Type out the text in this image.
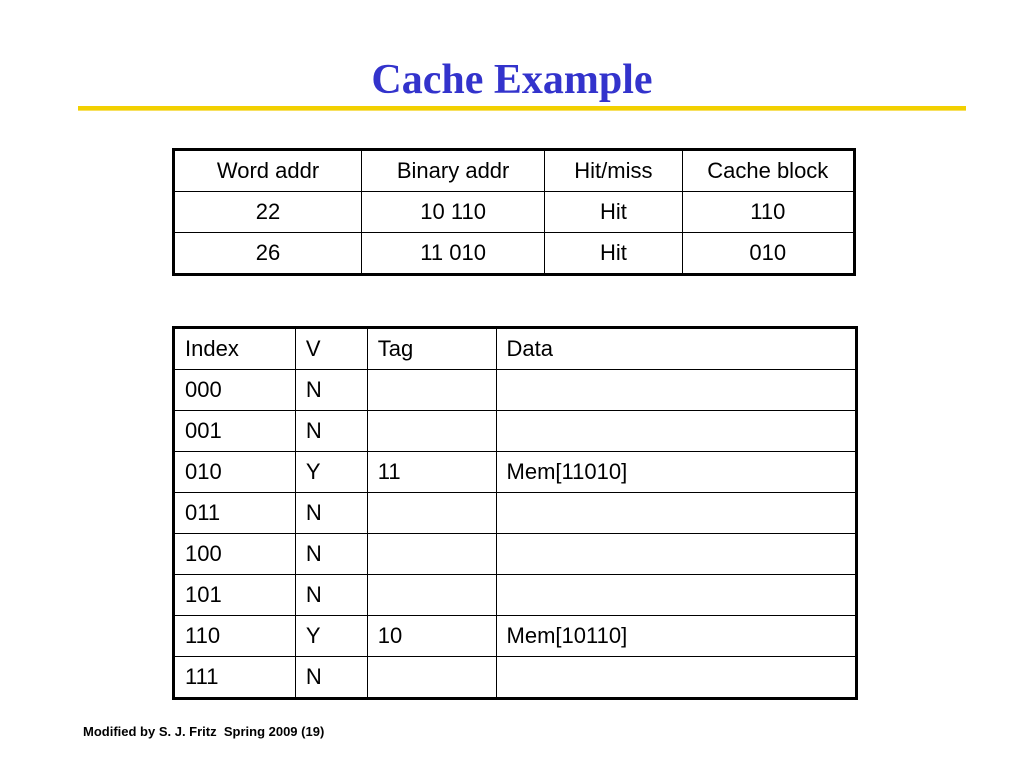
Cache Example
Word addr	Binary addr	Hit/miss	Cache block
22	10 110	Hit	110
26	11 010	Hit	010
Index	V	Tag	Data
000	N		
001	N		
010	Y	11	Mem[11010]
011	N		
100	N		
101	N		
110	Y	10	Mem[10110]
111	N		
Modified by S. J. Fritz  Spring 2009 (19)
